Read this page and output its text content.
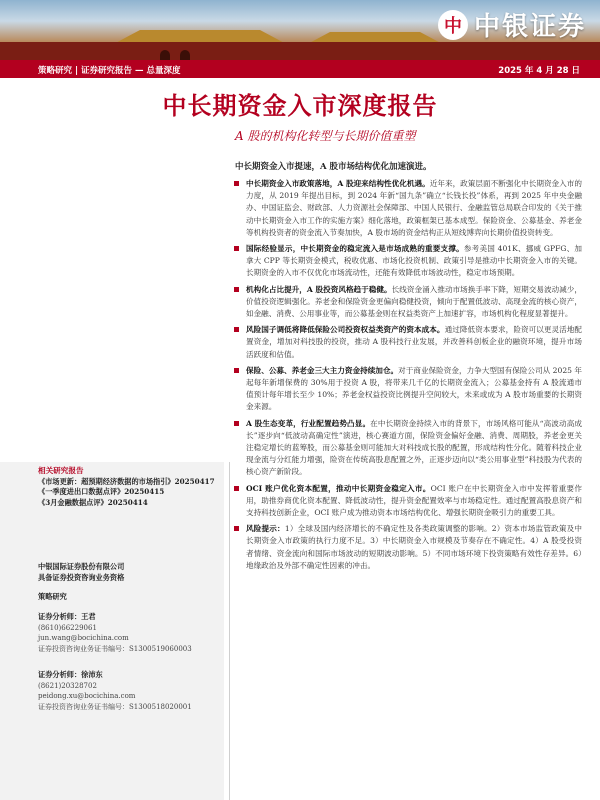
中 中银证券
策略研究 | 证券研究报告 — 总量深度	2025 年 4 月 28 日
中长期资金入市深度报告
A 股的机构化转型与长期价值重塑
中长期资金入市提速，A 股市场结构优化加速演进。
中长期资金入市政策落地，A 股迎来结构性优化机遇。近年来，政策层面不断强化中长期资金入市的力度，从 2019 年提出目标，到 2024 年新“国九条”确立“长钱长投”体系，再到 2025 年中央金融办、中国证监会、财政部、人力资源社会保障部、中国人民银行、金融监管总局联合印发的《关于推动中长期资金入市工作的实施方案》细化落地，政策框架已基本成型。保险资金、公募基金、养老金等机构投资者的资金流入节奏加快，A 股市场的资金结构正从短线博弈向长期价值投资转变。
国际经验显示，中长期资金的稳定流入是市场成熟的重要支撑。参考美国 401K、挪威 GPFG、加拿大 CPP 等长期资金模式，税收优惠、市场化投资机制、政策引导是推动中长期资金入市的关键。长期资金的入市不仅优化市场流动性，还能有效降低市场波动性，稳定市场预期。
机构化占比提升，A 股投资风格趋于稳健。长线资金涌入推动市场换手率下降，短期交易波动减少，价值投资逻辑强化。养老金和保险资金更偏向稳健投资，倾向于配置低波动、高现金流的核心资产，如金融、消费、公用事业等，而公募基金则在权益类资产上加速扩容，市场机构化程度显著提升。
风险国子调低将降低保险公司投资权益类资产的资本成本。通过降低资本要求，险资可以更灵活地配置资金，增加对科技股的投资，推动 A 股科技行业发展，并改善科创板企业的融资环境，提升市场活跃度和估值。
保险、公募、养老金三大主力资金持续加仓。对于商业保险资金，力争大型国有保险公司从 2025 年起每年新增保费的 30%用于投资 A 股，将带来几千亿的长期资金流入；公募基金持有 A 股流通市值预计每年增长至少 10%；养老金权益投资比例提升空间较大，未来或成为 A 股市场重要的长期资金来源。
A 股生态变革，行业配置趋势凸显。在中长期资金持续入市的背景下，市场风格可能从“高波动高成长”逐步向“低波动高确定性”演进，核心赛道方面，保险资金偏好金融、消费、周期股，养老金更关注稳定增长的蓝筹股，而公募基金则可能加大对科技成长股的配置，形成结构性分化。随着科技企业现金流与分红能力增强，险资在传统高股息配置之外，正逐步迈向以“类公用事业型”科技股为代表的核心资产新阶段。
OCI 账户优化资本配置，推动中长期资金稳定入市。OCI 账户在中长期资金入市中发挥着重要作用，助推券商优化资本配置、降低波动性，提升资金配置效率与市场稳定性。通过配置高股息资产和支持科技创新企业，OCI 账户成为推动资本市场结构优化、增强长期资金吸引力的重要工具。
风险提示：1）全球及国内经济增长的不确定性及各类政策调整的影响。2）资本市场监管政策及中长期资金入市政策的执行力度不足。3）中长期资金入市规模及节奏存在不确定性。4）A 股受投资者情绪、资金流向和国际市场波动的短期波动影响。5）不同市场环境下投资策略有效性存差异。6）地缘政治及外部不确定性因素的冲击。
相关研究报告
《市场更新：超预期经济数据的市场指引》20250417
《一季度进出口数据点评》20250415
《3月金融数据点评》20250414
中银国际证券股份有限公司
具备证券投资咨询业务资格
策略研究
证券分析师：王君
(8610)66229061
jun.wang@bocichina.com
证券投资咨询业务证书编号：S1300519060003
证券分析师：徐沛东
(8621)20328702
peidong.xu@bocichina.com
证券投资咨询业务证书编号：S1300518020001
